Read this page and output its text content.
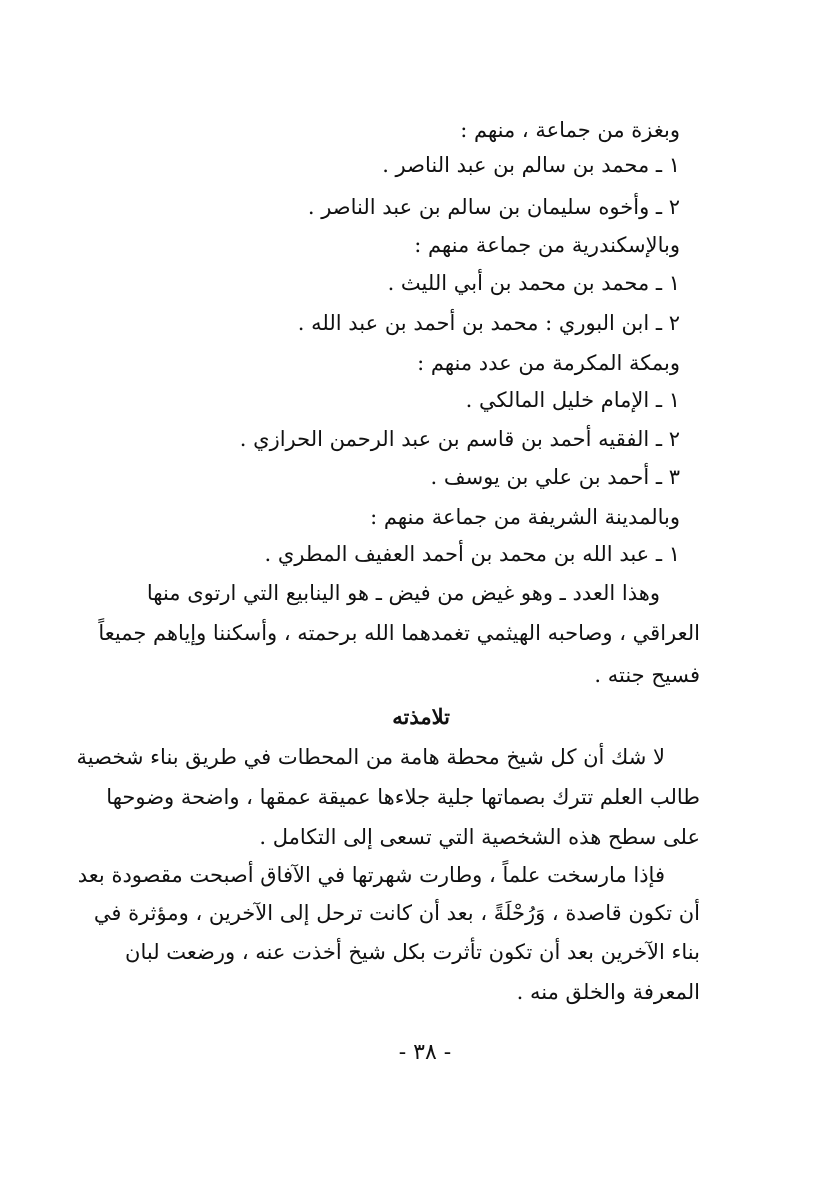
وبغزة من جماعة ، منهم :
١ ـ محمد بن سالم بن عبد الناصر .
٢ ـ وأخوه سليمان بن سالم بن عبد الناصر .
وبالإسكندرية من جماعة منهم :
١ ـ محمد بن محمد بن أبي الليث .
٢ ـ ابن البوري : محمد بن أحمد بن عبد الله .
وبمكة المكرمة من عدد منهم :
١ ـ الإمام خليل المالكي .
٢ ـ الفقيه أحمد بن قاسم بن عبد الرحمن الحرازي .
٣ ـ أحمد بن علي بن يوسف .
وبالمدينة الشريفة من جماعة منهم :
١ ـ عبد الله بن محمد بن أحمد العفيف المطري .
وهذا العدد ـ وهو غيض من فيض ـ هو الينابيع التي ارتوى منها
العراقي ، وصاحبه الهيثمي تغمدهما الله برحمته ، وأسكننا وإياهم جميعاً
فسيح جنته .
تلامذته
لا شك أن كل شيخ محطة هامة من المحطات في طريق بناء شخصية
طالب العلم تترك بصماتها جلية جلاءها عميقة عمقها ، واضحة وضوحها
على سطح هذه الشخصية التي تسعى إلى التكامل .
فإذا مارسخت علماً ، وطارت شهرتها في الآفاق أصبحت مقصودة بعد
أن تكون قاصدة ، وَرُحْلَةً ، بعد أن كانت ترحل إلى الآخرين ، ومؤثرة في
بناء الآخرين بعد أن تكون تأثرت بكل شيخ أخذت عنه ، ورضعت لبان
المعرفة والخلق منه .
- ٣٨ -
